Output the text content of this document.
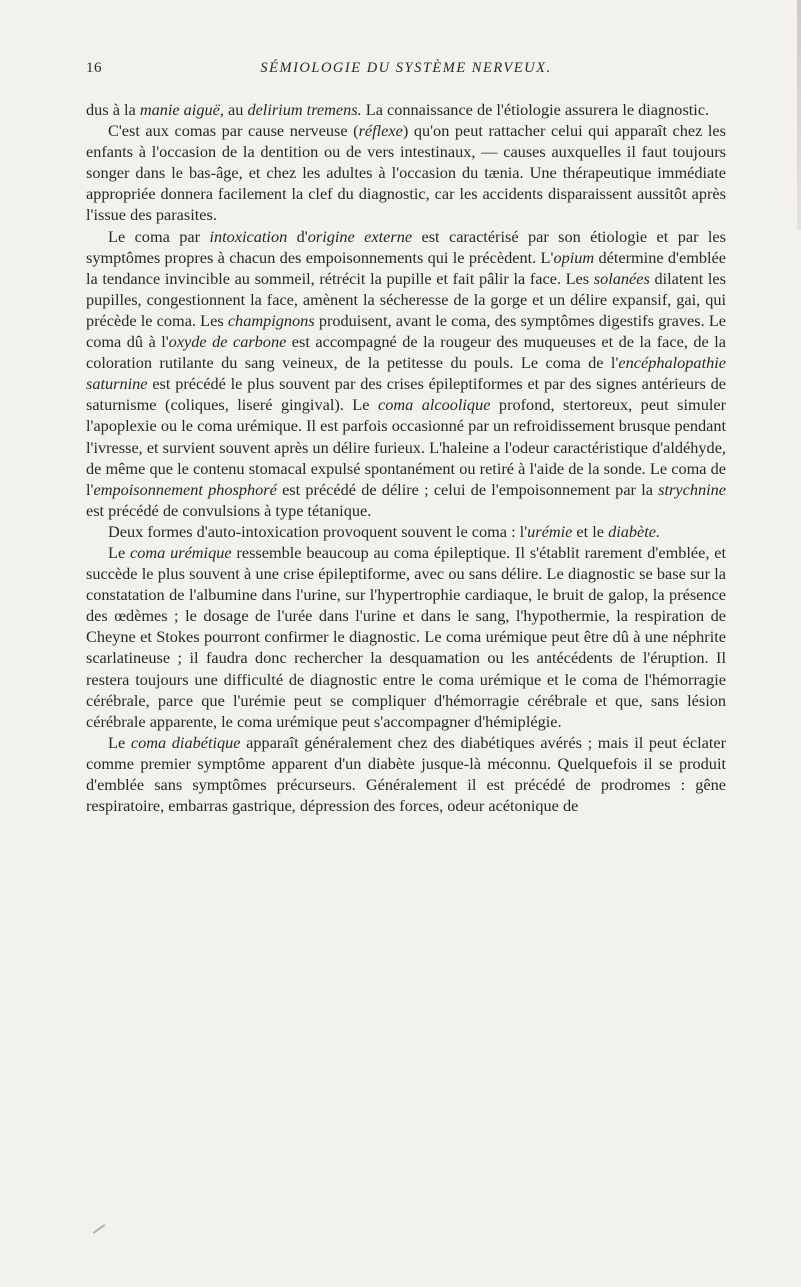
16	SÉMIOLOGIE DU SYSTÈME NERVEUX.

dus à la manie aiguë, au delirium tremens. La connaissance de l'étiologie assurera le diagnostic.

C'est aux comas par cause nerveuse (réflexe) qu'on peut rattacher celui qui apparaît chez les enfants à l'occasion de la dentition ou de vers intestinaux, — causes auxquelles il faut toujours songer dans le bas-âge, et chez les adultes à l'occasion du tænia. Une thérapeutique immédiate appropriée donnera facilement la clef du diagnostic, car les accidents disparaissent aussitôt après l'issue des parasites.

Le coma par intoxication d'origine externe est caractérisé par son étiologie et par les symptômes propres à chacun des empoisonnements qui le précèdent. L'opium détermine d'emblée la tendance invincible au sommeil, rétrécit la pupille et fait pâlir la face. Les solanées dilatent les pupilles, congestionnent la face, amènent la sécheresse de la gorge et un délire expansif, gai, qui précède le coma. Les champignons produisent, avant le coma, des symptômes digestifs graves. Le coma dû à l'oxyde de carbone est accompagné de la rougeur des muqueuses et de la face, de la coloration rutilante du sang veineux, de la petitesse du pouls. Le coma de l'encéphalopathie saturnine est précédé le plus souvent par des crises épileptiformes et par des signes antérieurs de saturnisme (coliques, liseré gingival). Le coma alcoolique profond, stertoreux, peut simuler l'apoplexie ou le coma urémique. Il est parfois occasionné par un refroidissement brusque pendant l'ivresse, et survient souvent après un délire furieux. L'haleine a l'odeur caractéristique d'aldéhyde, de même que le contenu stomacal expulsé spontanément ou retiré à l'aide de la sonde. Le coma de l'empoisonnement phosphoré est précédé de délire ; celui de l'empoisonnement par la strychnine est précédé de convulsions à type tétanique.

Deux formes d'auto-intoxication provoquent souvent le coma : l'urémie et le diabète.

Le coma urémique ressemble beaucoup au coma épileptique. Il s'établit rarement d'emblée, et succède le plus souvent à une crise épileptiforme, avec ou sans délire. Le diagnostic se base sur la constatation de l'albumine dans l'urine, sur l'hypertrophie cardiaque, le bruit de galop, la présence des œdèmes ; le dosage de l'urée dans l'urine et dans le sang, l'hypothermie, la respiration de Cheyne et Stokes pourront confirmer le diagnostic. Le coma urémique peut être dû à une néphrite scarlatineuse ; il faudra donc rechercher la desquamation ou les antécédents de l'éruption. Il restera toujours une difficulté de diagnostic entre le coma urémique et le coma de l'hémorragie cérébrale, parce que l'urémie peut se compliquer d'hémorragie cérébrale et que, sans lésion cérébrale apparente, le coma urémique peut s'accompagner d'hémiplégie.

Le coma diabétique apparaît généralement chez des diabétiques avérés ; mais il peut éclater comme premier symptôme apparent d'un diabète jusque-là méconnu. Quelquefois il se produit d'emblée sans symptômes précurseurs. Généralement il est précédé de prodromes : gêne respiratoire, embarras gastrique, dépression des forces, odeur acétonique de
